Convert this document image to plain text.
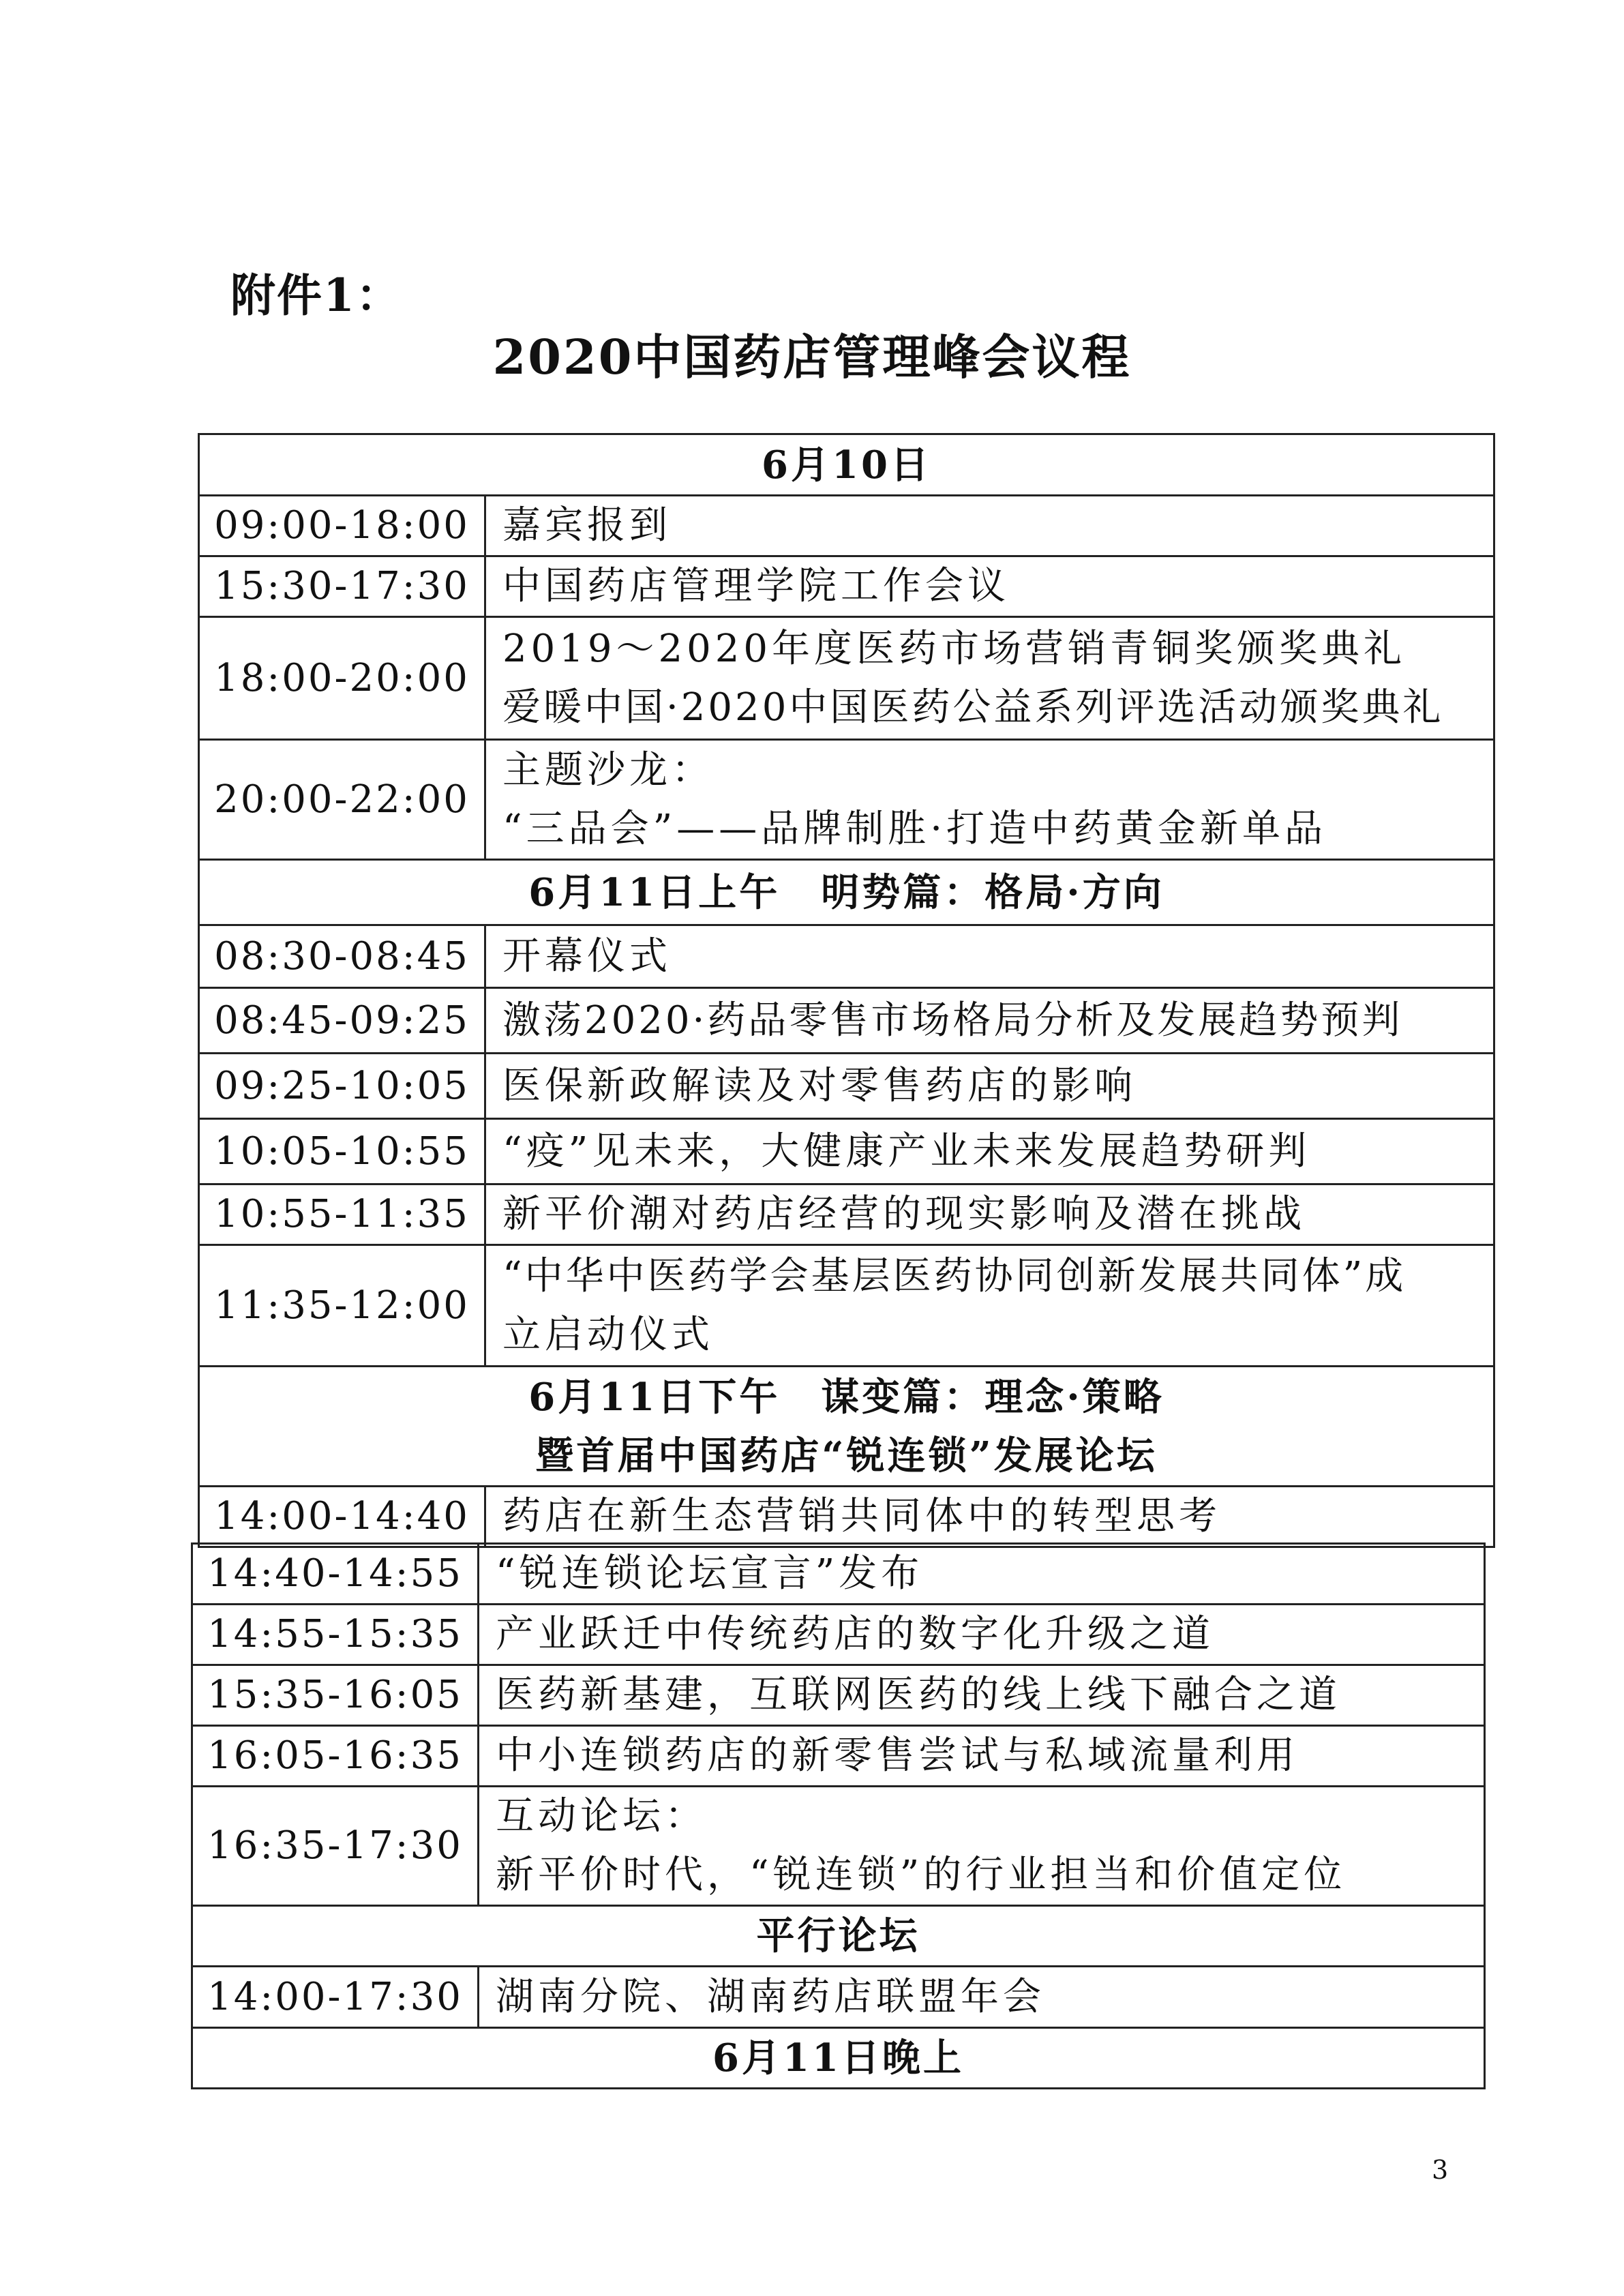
附件1：
2020中国药店管理峰会议程
6月10日	
09:00-18:00	嘉宾报到

15:30-17:30	中国药店管理学院工作会议

18:00-20:00	2019～2020年度医药市场营销青铜奖颁奖典礼
爱暖中国·2020中国医药公益系列评选活动颁奖典礼

20:00-22:00	主题沙龙：
“三品会”——品牌制胜·打造中药黄金新单品

6月11日上午　明势篇：格局·方向	
08:30-08:45	开幕仪式

08:45-09:25	激荡2020·药品零售市场格局分析及发展趋势预判

09:25-10:05	医保新政解读及对零售药店的影响

10:05-10:55	“疫”见未来，大健康产业未来发展趋势研判

10:55-11:35	新平价潮对药店经营的现实影响及潜在挑战

11:35-12:00	“中华中医药学会基层医药协同创新发展共同体”成
立启动仪式

6月11日下午　谋变篇：理念·策略
暨首届中国药店“锐连锁”发展论坛	

14:00-14:40	药店在新生态营销共同体中的转型思考
14:40-14:55	“锐连锁论坛宣言”发布

14:55-15:35	产业跃迁中传统药店的数字化升级之道

15:35-16:05	医药新基建，互联网医药的线上线下融合之道

16:05-16:35	中小连锁药店的新零售尝试与私域流量利用

16:35-17:30	互动论坛：
新平价时代，“锐连锁”的行业担当和价值定位

平行论坛	
14:00-17:30	湖南分院、湖南药店联盟年会

6月11日晚上	
3
